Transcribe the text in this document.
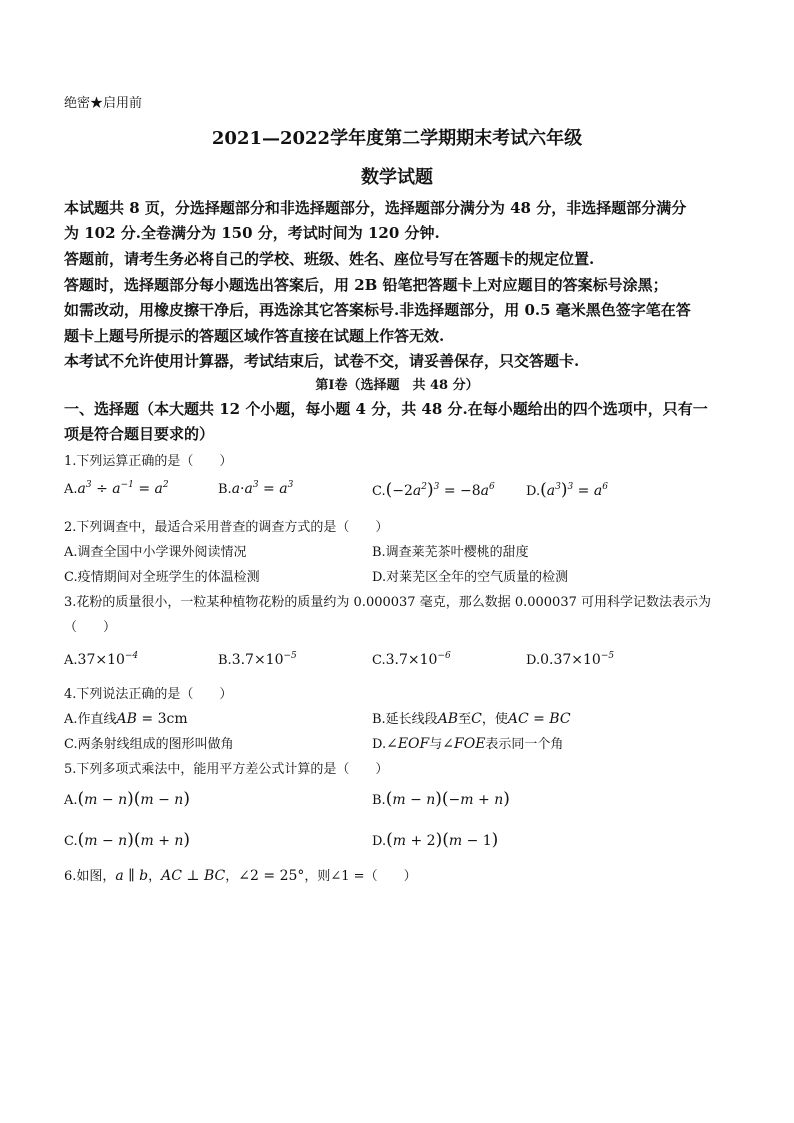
绝密★启用前
2021—2022学年度第二学期期末考试六年级
数学试题
本试题共 8 页，分选择题部分和非选择题部分，选择题部分满分为 48 分，非选择题部分满分
为 102 分.全卷满分为 150 分，考试时间为 120 分钟.
答题前，请考生务必将自己的学校、班级、姓名、座位号写在答题卡的规定位置.
答题时，选择题部分每小题选出答案后，用 2B 铅笔把答题卡上对应题目的答案标号涂黑；
如需改动，用橡皮擦干净后，再选涂其它答案标号.非选择题部分，用 0.5 毫米黑色签字笔在答
题卡上题号所提示的答题区域作答直接在试题上作答无效.
本考试不允许使用计算器，考试结束后，试卷不交，请妥善保存，只交答题卡.
第Ⅰ卷（选择题　共 48 分）
一、选择题（本大题共 12 个小题，每小题 4 分，共 48 分.在每小题给出的四个选项中，只有一
项是符合题目要求的）
1.下列运算正确的是（　　）
$A.a^3 \div a^{-1} = a^2$	$B.a\cdot a^3 = a^3$	$C.(-2a^2)^3 = -8a^6$ $D.(a^3)^3 = a^6$
2.下列调查中，最适合采用普查的调查方式的是（　　）
A.调查全国中小学课外阅读情况	B.调查莱芜茶叶樱桃的甜度
C.疫情期间对全班学生的体温检测	D.对莱芜区全年的空气质量的检测
3.花粉的质量很小，一粒某种植物花粉的质量约为 0.000037 毫克，那么数据 0.000037 可用科学记数法表示为
（　　）
$A.37\times 10^{-4}$	$B.3.7\times 10^{-5}$	$C.3.7\times 10^{-6}$	$D.0.37\times 10^{-5}$
4.下列说法正确的是（　　）
A.作直线AB = 3cm	B.延长线段AB至C，使AC = BC
C.两条射线组成的图形叫做角	D.∠EOF与∠FOE表示同一个角
5.下列多项式乘法中，能用平方差公式计算的是（　　）
A.(m − n)(m − n)	B.(m − n)(−m + n)
C.(m − n)(m + n)	D.(m + 2)(m − 1)
6.如图，a ∥ b，AC ⊥ BC，∠2 = 25°，则∠1 =（　　）
